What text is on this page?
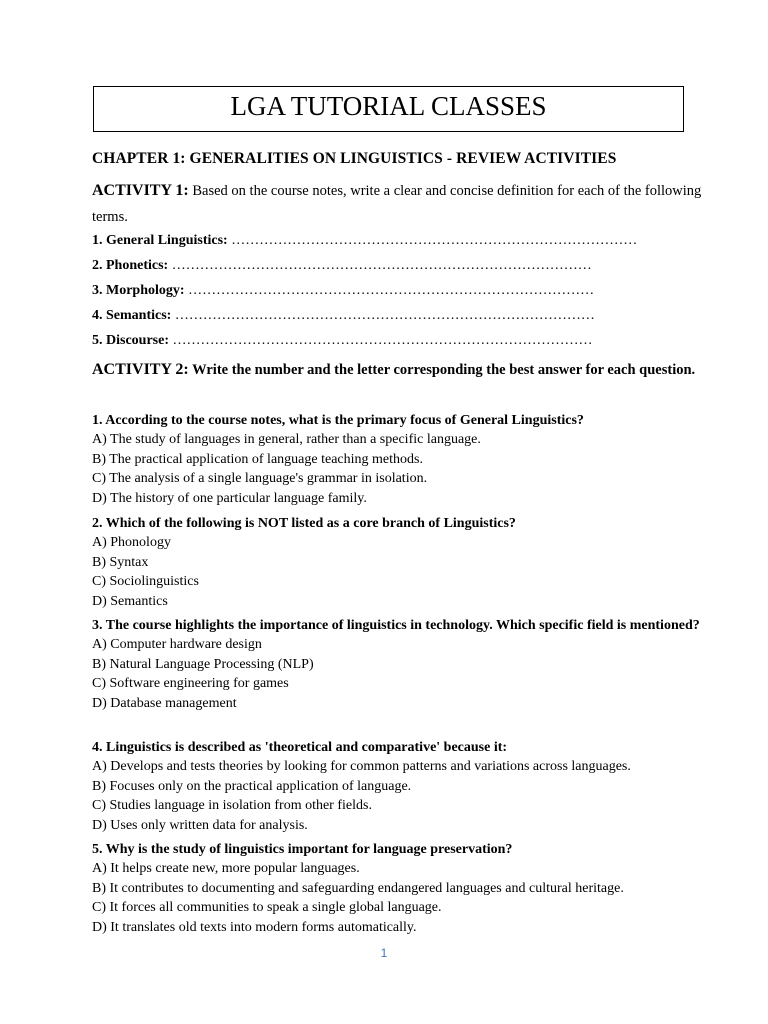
LGA TUTORIAL CLASSES
CHAPTER 1: GENERALITIES ON LINGUISTICS - REVIEW ACTIVITIES
ACTIVITY 1: Based on the course notes, write a clear and concise definition for each of the following terms.
1. General Linguistics: ……………………………………………………………………………
2. Phonetics: ………………………………………………………………………………
3. Morphology: ……………………………………………………………………………
4. Semantics: ………………………………………………………………………………
5. Discourse: ………………………………………………………………………………
ACTIVITY 2: Write the number and the letter corresponding the best answer for each question.
1. According to the course notes, what is the primary focus of General Linguistics?
A) The study of languages in general, rather than a specific language.
B) The practical application of language teaching methods.
C) The analysis of a single language's grammar in isolation.
D) The history of one particular language family.
2. Which of the following is NOT listed as a core branch of Linguistics?
A) Phonology
B) Syntax
C) Sociolinguistics
D) Semantics
3. The course highlights the importance of linguistics in technology. Which specific field is mentioned?
A) Computer hardware design
B) Natural Language Processing (NLP)
C) Software engineering for games
D) Database management
4. Linguistics is described as 'theoretical and comparative' because it:
A) Develops and tests theories by looking for common patterns and variations across languages.
B) Focuses only on the practical application of language.
C) Studies language in isolation from other fields.
D) Uses only written data for analysis.
5. Why is the study of linguistics important for language preservation?
A) It helps create new, more popular languages.
B) It contributes to documenting and safeguarding endangered languages and cultural heritage.
C) It forces all communities to speak a single global language.
D) It translates old texts into modern forms automatically.
1
